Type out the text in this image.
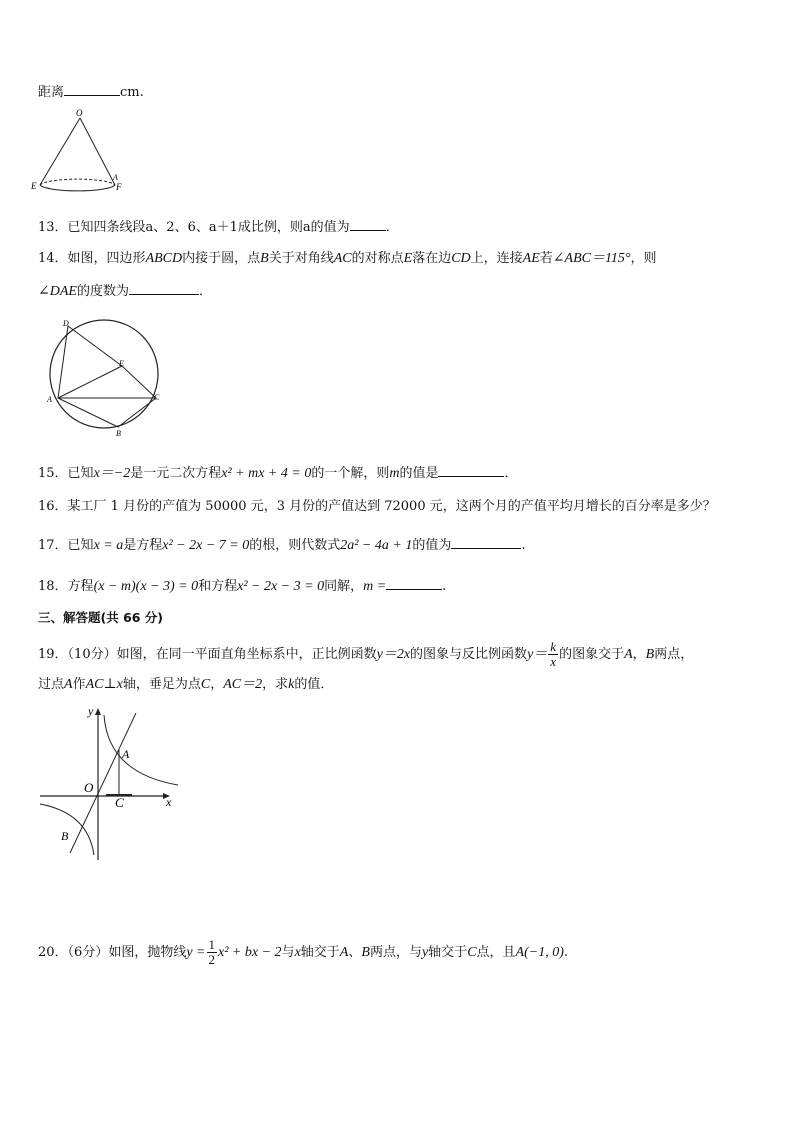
距离	cm.
O
E	F
A
13．已知四条线段a、2、6、a＋1成比例，则a的值为	．
14．如图，四边形ABCD内接于圆，点B关于对角线AC的对称点E落在边CD上，连接AE若∠ABC＝115°，则
∠DAE的度数为	．
D
E
A	C
B
15．已知x＝−2是一元二次方程x² + mx + 4 = 0的一个解，则m的值是	．
16．某工厂 1 月份的产值为 50000 元，3 月份的产值达到 72000 元，这两个月的产值平均月增长的百分率是多少？
17．已知x = a是方程x² − 2x − 7 = 0的根，则代数式2a² − 4a + 1的值为	.
18．方程(x − m)(x − 3) = 0和方程x² − 2x − 3 = 0同解，m =	.
三、解答题(共 66 分)
19．（10分）如图，在同一平面直角坐标系中，正比例函数y＝2x的图象与反比例函数$y= \frac{k}{x}$ 的图象交于A，B两点，
过点A作AC⊥x轴，垂足为点C，AC＝2，求k的值．
y
x
O
A
C
B
20．（6分）如图，抛物线$y = \frac{1}{2} x^2$ + bx − 2与x轴交于A、B两点，与y轴交于C点，且A(−1, 0).
